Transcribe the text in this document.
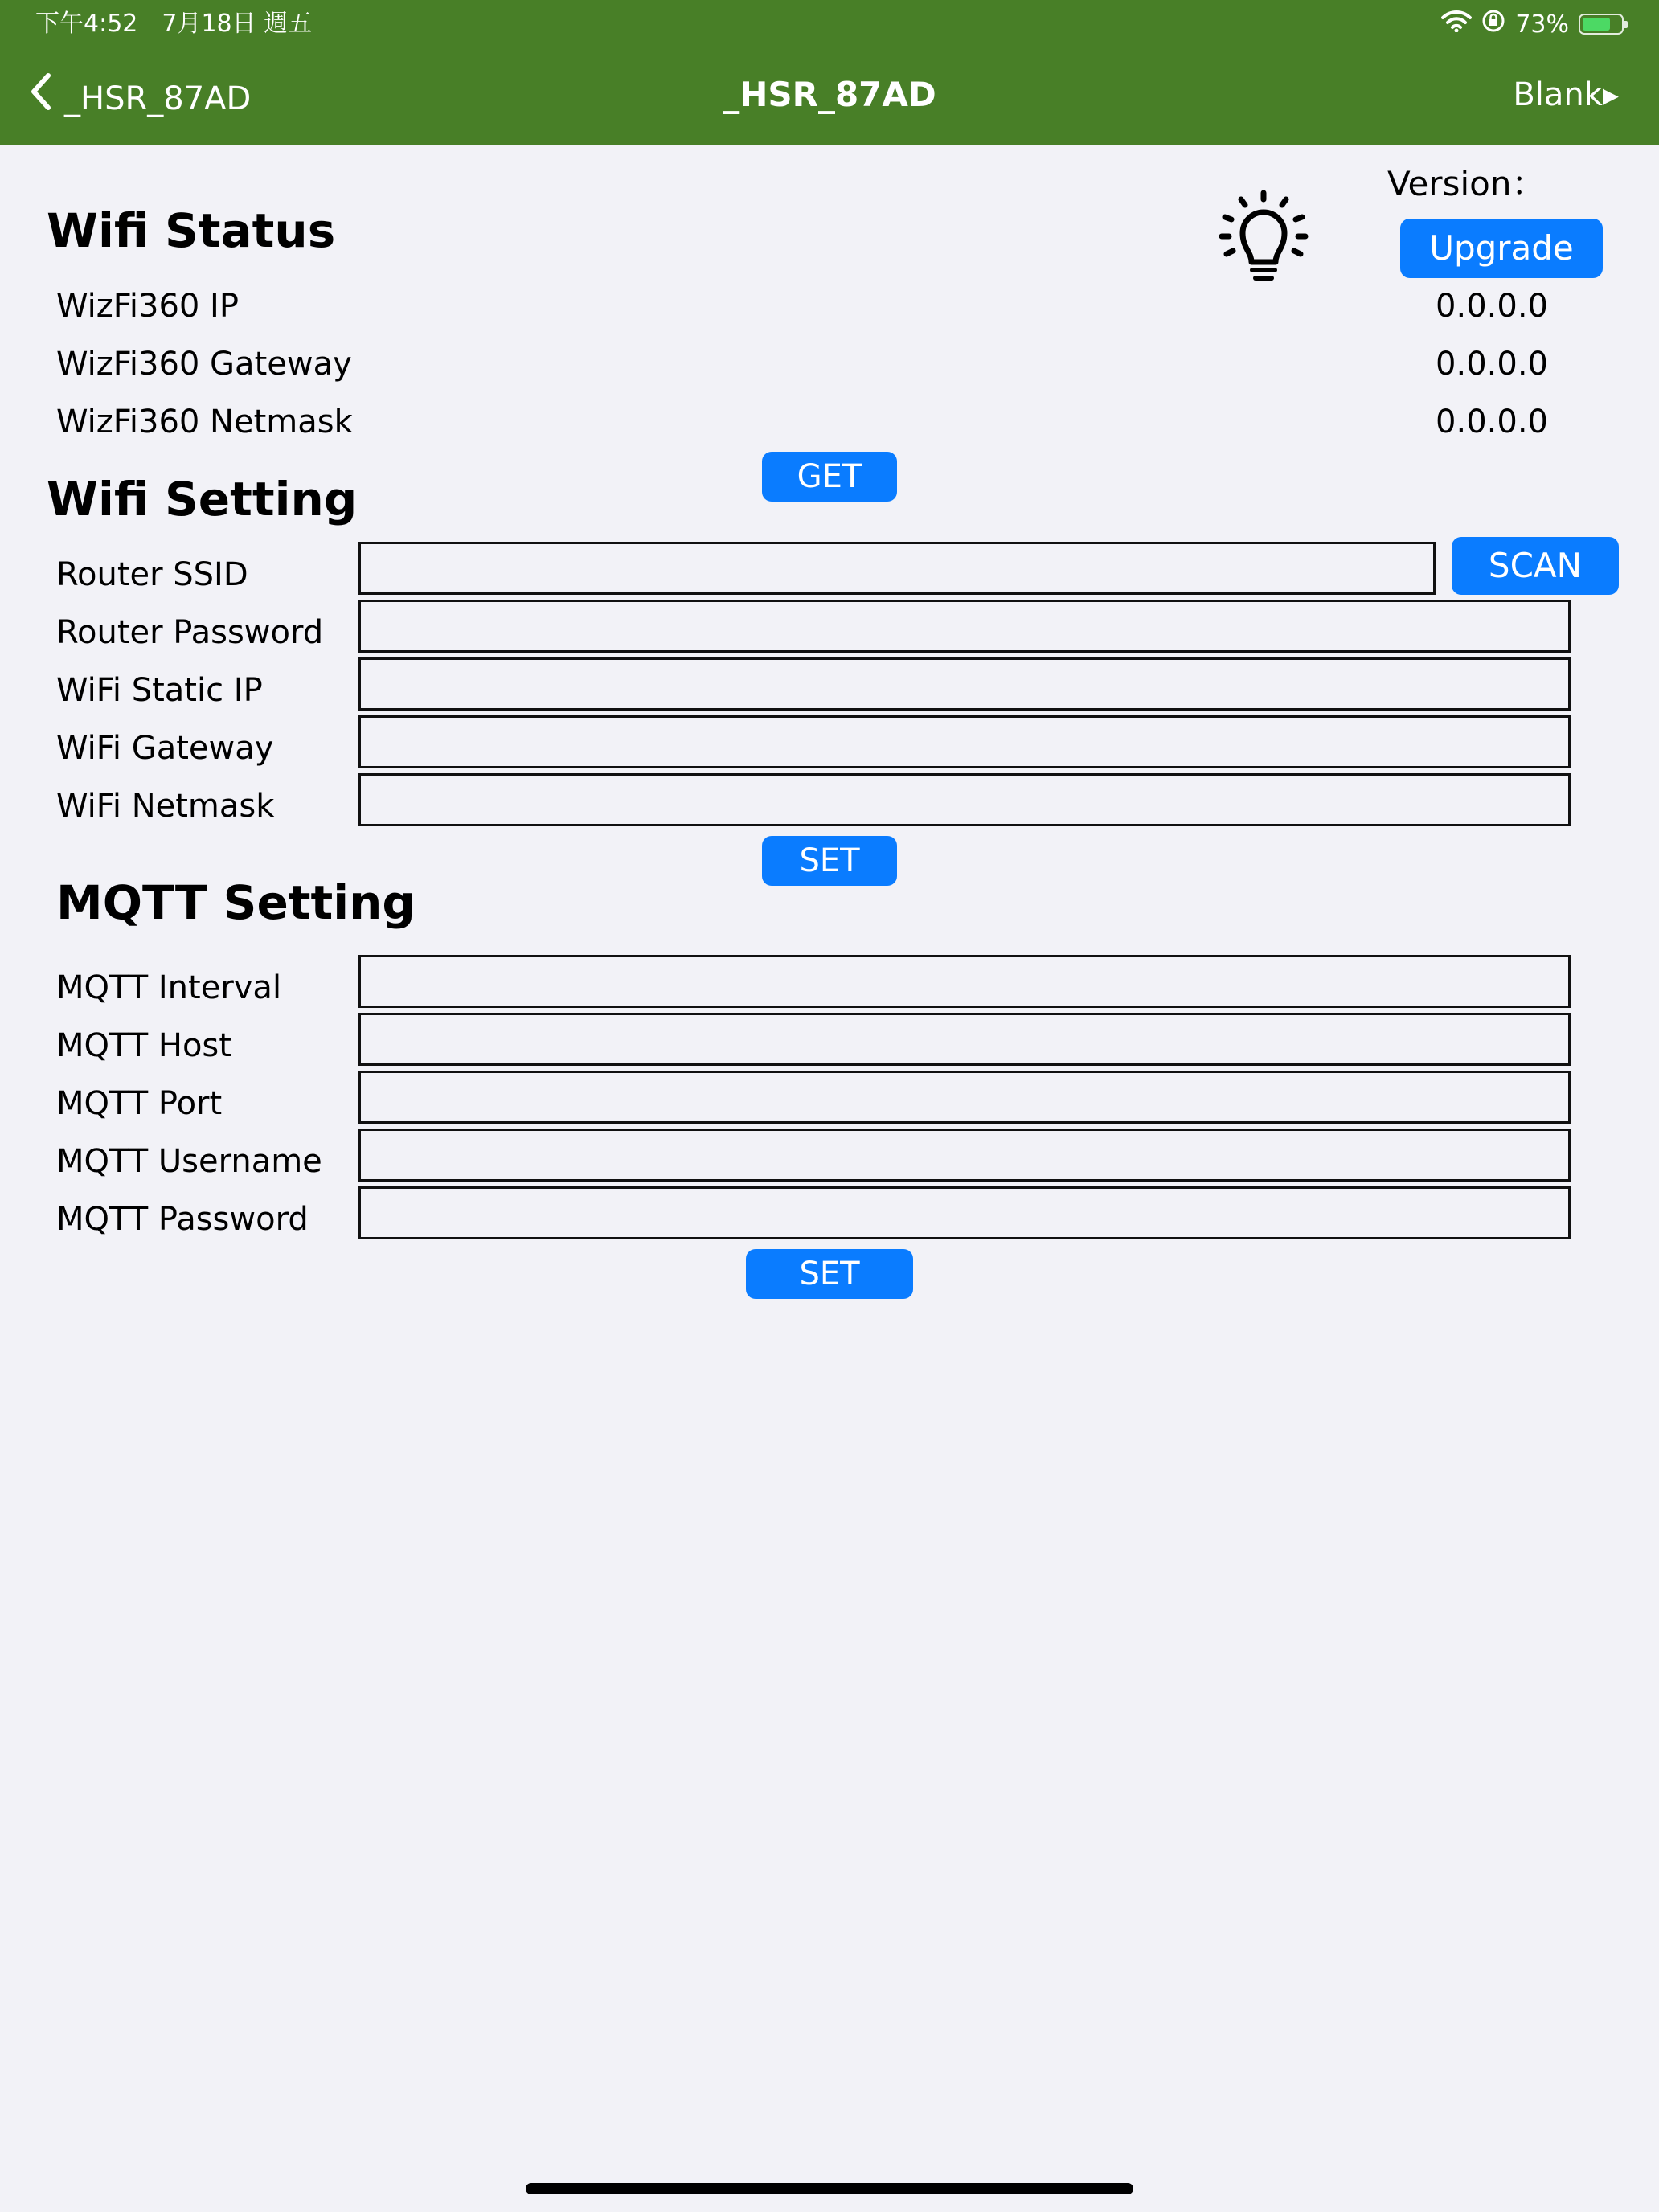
下午4:52　7月18日 週五	73%
_HSR_87AD	_HSR_87AD	Blank▸
Version：
Upgrade
Wifi Status
WizFi360 IP	0.0.0.0
WizFi360 Gateway	0.0.0.0
WizFi360 Netmask	0.0.0.0
GET
Wifi Setting
Router SSID	SCAN
Router Password
WiFi Static IP
WiFi Gateway
WiFi Netmask
SET
MQTT Setting
MQTT Interval
MQTT Host
MQTT Port
MQTT Username
MQTT Password
SET
